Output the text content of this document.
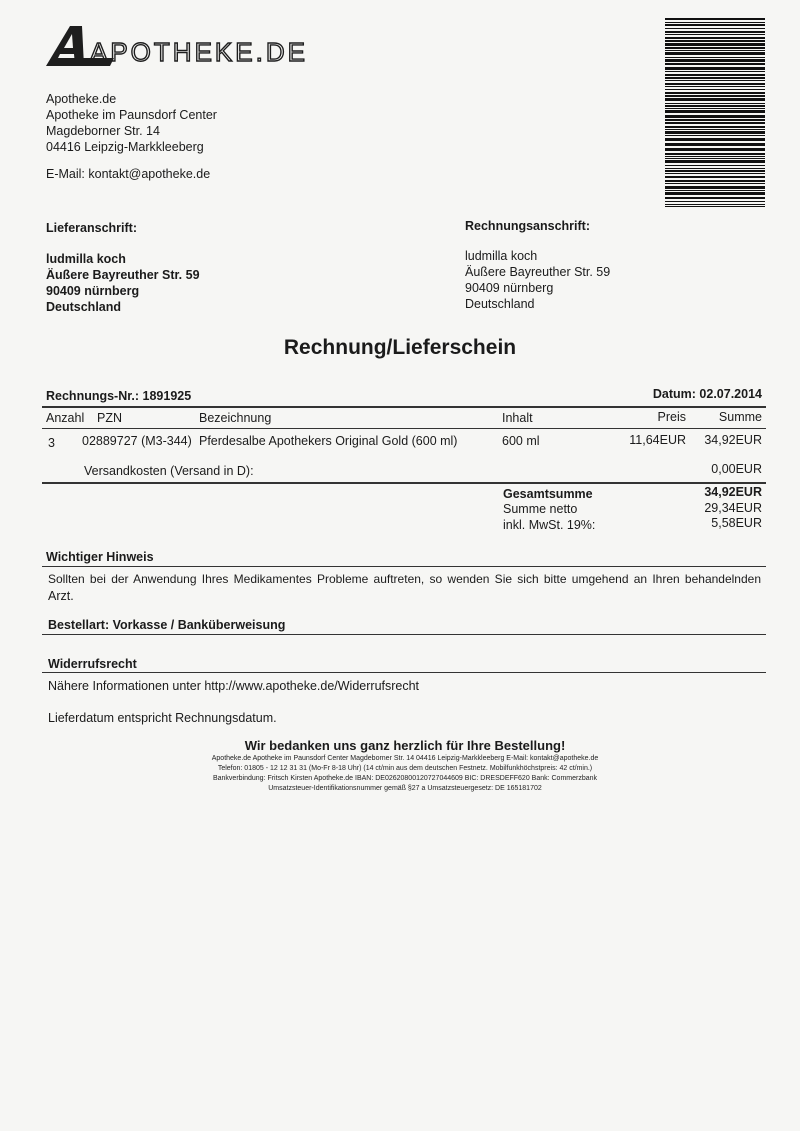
APOTHEKE.DE
Apotheke.de
Apotheke im Paunsdorf Center
Magdeborner Str. 14
04416 Leipzig-Markkleeberg
E-Mail: kontakt@apotheke.de
Lieferanschrift:
ludmilla koch
Äußere Bayreuther Str. 59
90409 nürnberg
Deutschland
Rechnungsanschrift:
ludmilla koch
Äußere Bayreuther Str. 59
90409 nürnberg
Deutschland
Rechnung/Lieferschein
Rechnungs-Nr.: 1891925	Datum: 02.07.2014
Anzahl PZN	Bezeichnung	Inhalt	Preis	Summe
3 02889727 (M3-344) Pferdesalbe Apothekers Original Gold (600 ml)	600 ml	11,64EUR	34,92EUR
Versandkosten (Versand in D):	0,00EUR
Gesamtsumme	34,92EUR
Summe netto	29,34EUR
inkl. MwSt. 19%:	5,58EUR
Wichtiger Hinweis
Sollten bei der Anwendung Ihres Medikamentes Probleme auftreten, so wenden Sie sich bitte umgehend an Ihren behandelnden
Arzt.
Bestellart: Vorkasse / Banküberweisung
Widerrufsrecht
Nähere Informationen unter http://www.apotheke.de/Widerrufsrecht
Lieferdatum entspricht Rechnungsdatum.
Wir bedanken uns ganz herzlich für Ihre Bestellung!
Apotheke.de Apotheke im Paunsdorf Center Magdeborner Str. 14 04416 Leipzig-Markkleeberg E-Mail: kontakt@apotheke.de
Telefon: 01805 - 12 12 31 31 (Mo-Fr 8-18 Uhr) (14 ct/min aus dem deutschen Festnetz. Mobilfunkhöchstpreis: 42 ct/min.)
Bankverbindung: Fritsch Kirsten Apotheke.de IBAN: DE02620800120727044609 BIC: DRESDEFF620 Bank: Commerzbank
Umsatzsteuer-Identifikationsnummer gemäß §27 a Umsatzsteuergesetz: DE 165181702
